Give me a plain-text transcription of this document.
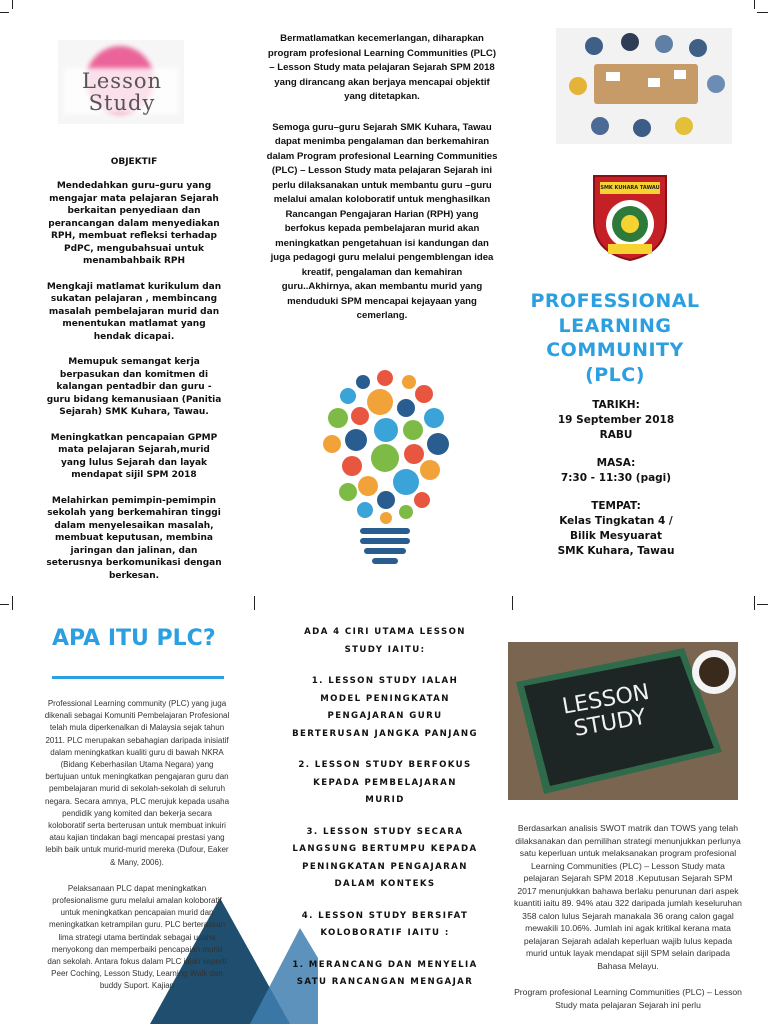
Lesson Study
OBJEKTIF

Mendedahkan guru–guru yang mengajar mata pelajaran Sejarah berkaitan penyediaan dan perancangan dalam menyediakan RPH, membuat refleksi terhadap PdPC, mengubahsuai untuk menambahbaik RPH

Mengkaji matlamat kurikulum dan sukatan pelajaran , membincang masalah pembelajaran murid dan menentukan matlamat yang hendak dicapai.

Memupuk semangat kerja berpasukan dan komitmen di kalangan pentadbir dan guru -guru bidang kemanusiaan (Panitia Sejarah) SMK Kuhara, Tawau.

Meningkatkan pencapaian GPMP mata pelajaran Sejarah,murid yang lulus Sejarah dan layak mendapat sijil SPM 2018

Melahirkan pemimpin-pemimpin sekolah yang berkemahiran tinggi dalam menyelesaikan masalah, membuat keputusan, membina jaringan dan jalinan, dan seterusnya berkomunikasi dengan berkesan.

Bermatlamatkan kecemerlangan, diharapkan program profesional Learning Communities (PLC) – Lesson Study mata pelajaran Sejarah SPM 2018 yang dirancang akan berjaya mencapai objektif yang ditetapkan.

Semoga guru–guru Sejarah SMK Kuhara, Tawau dapat menimba pengalaman dan berkemahiran dalam Program profesional Learning Communities (PLC) – Lesson Study mata pelajaran Sejarah ini perlu dilaksanakan untuk membantu guru –guru melalui amalan koloboratif untuk menghasilkan Rancangan Pengajaran Harian (RPH) yang berfokus kepada pembelajaran murid akan meningkatkan pengetahuan isi kandungan dan juga pedagogi guru melalui pengemblengan idea kreatif, pengalaman dan kemahiran guru..Akhirnya, akan membantu murid yang menduduki SPM mencapai kejayaan yang cemerlang.

SMK KUHARA TAWAU
PROFESSIONAL
LEARNING
COMMUNITY
(PLC)
TARIKH:
19 September 2018
RABU
MASA:
7:30 - 11:30 (pagi)
TEMPAT:
Kelas Tingkatan 4 /
Bilik Mesyuarat
SMK Kuhara, Tawau
APA ITU PLC?

Professional Learning community (PLC) yang juga dikenali sebagai Komuniti Pembelajaran Profesional telah mula diperkenalkan di Malaysia sejak tahun 2011. PLC merupakan sebahagian daripada inisiatif dalam meningkatkan kualiti guru di bawah NKRA (Bidang Keberhasilan Utama Negara) yang bertujuan untuk meningkatkan pengajaran guru dan pembelajaran murid di sekolah-sekolah di seluruh negara. Secara amnya, PLC merujuk kepada usaha pendidik yang komited dan bekerja secara koloboratif serta berterusan untuk membuat inkuiri atau kajian tindakan bagi mencapai prestasi yang lebih baik untuk murid-murid mereka (Dufour, Eaker & Many, 2006).

Pelaksanaan PLC dapat meningkatkan profesionalisme guru melalui amalan koloboratif untuk meningkatkan pencapaian murid dan meningkatkan ketrampilan guru. PLC berteraskan lima strategi utama bertindak sebagai usaha menyokong dan memperbaiki pencapaian murid dan sekolah. Antara fokus dalam PLC ialah seperti Peer Coching, Lesson Study, Learning Walk dan buddy Suport. Kajian

ADA 4 CIRI UTAMA LESSON STUDY IAITU:

1. LESSON STUDY IALAH MODEL PENINGKATAN PENGAJARAN GURU BERTERUSAN JANGKA PANJANG

2. LESSON STUDY BERFOKUS KEPADA PEMBELAJARAN MURID

3. LESSON STUDY SECARA LANGSUNG BERTUMPU KEPADA PENINGKATAN PENGAJARAN DALAM KONTEKS

4. LESSON STUDY BERSIFAT KOLOBORATIF IAITU :

1. MERANCANG DAN MENYELIA SATU RANCANGAN MENGAJAR

LESSON STUDY

Berdasarkan analisis SWOT matrik dan TOWS yang telah dilaksanakan dan pemilihan strategi menunjukkan perlunya satu keperluan untuk melaksanakan program profesional Learning Communities (PLC) – Lesson Study mata pelajaran Sejarah SPM 2018 .Keputusan Sejarah SPM 2017 menunjukkan bahawa berlaku penurunan dari aspek kuantiti iaitu 89. 94% atau 322 daripada jumlah keseluruhan 358 calon lulus Sejarah manakala 36 orang calon gagal mewakili 10.06%. Jumlah ini agak kritikal kerana mata pelajaran Sejarah adalah keperluan wajib lulus kepada murid untuk layak mendapat sijil SPM selain daripada Bahasa Melayu.

Program profesional Learning Communities (PLC) – Lesson Study mata pelajaran Sejarah ini perlu
